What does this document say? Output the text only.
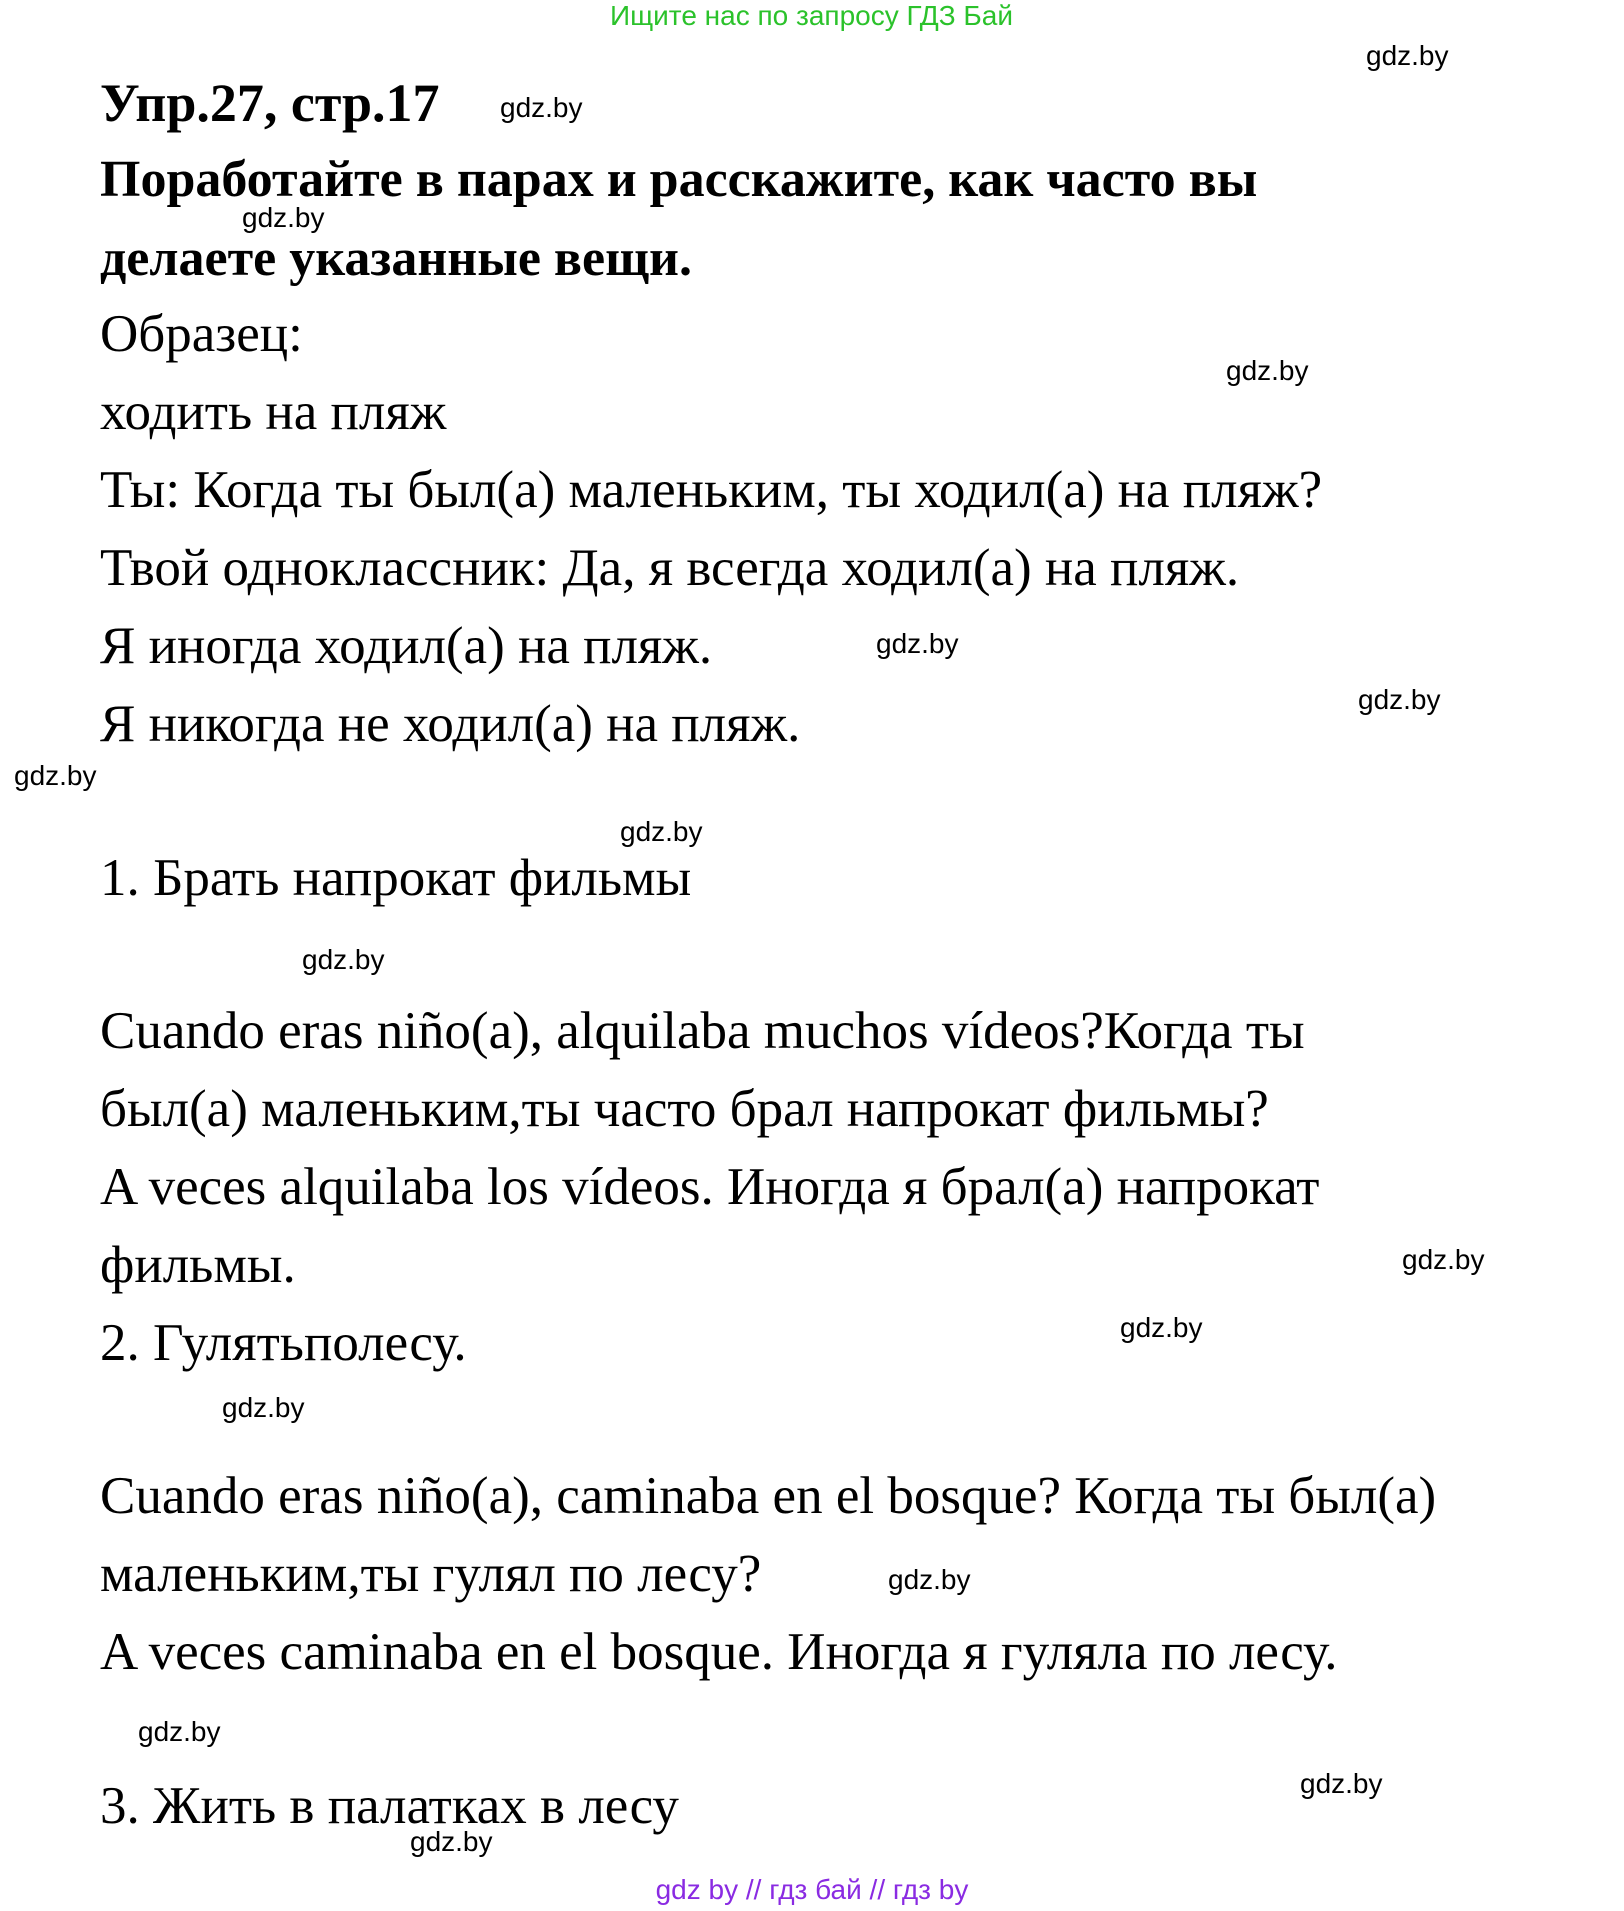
Ищите нас по запросу ГДЗ Бай
Упр.27, стр.17
Поработайте в парах и расскажите, как часто вы
делаете указанные вещи.
Образец:
ходить на пляж
Ты: Когда ты был(а) маленьким, ты ходил(а) на пляж?
Твой одноклассник: Да, я всегда ходил(а) на пляж.
Я иногда ходил(а) на пляж.
Я никогда не ходил(а) на пляж.
1. Брать напрокат фильмы
Cuando eras niño(a), alquilaba muchos vídeos?Когда ты
был(а) маленьким,ты часто брал напрокат фильмы?
A veces alquilaba los vídeos. Иногда я брал(а) напрокат
фильмы.
2. Гулятьполесу.
Cuando eras niño(a), caminaba en el bosque? Когда ты был(а)
маленьким,ты гулял по лесу?
A veces caminaba en el bosque. Иногда я гуляла по лесу.
3. Жить в палатках в лесу
gdz.by
gdz.by
gdz.by
gdz.by
gdz.by
gdz.by
gdz.by
gdz.by
gdz.by
gdz.by
gdz.by
gdz.by
gdz.by
gdz.by
gdz.by
gdz.by
gdz by // гдз бай // гдз by
